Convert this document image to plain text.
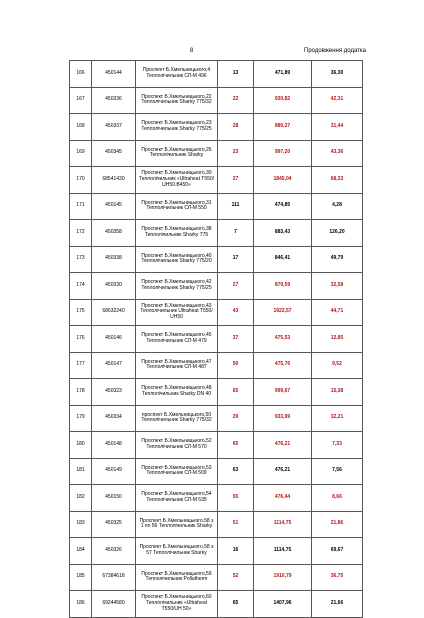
8	Продовження додатка
166	450144	Проспект Б.Хмельницького,4 Теплолічильник СЛ-М 496	13	471,89	36,30
167	450336	Проспект Б.Хмельницького,22 Теплолічильник Sharky 775/32	22	930,82	42,31
168	450337	Проспект Б.Хмельницького,23 Теплолічильник Sharky 775/25	28	880,27	31,44
169	450345	Проспект Б.Хмельницького,26 Теплолічильник Sharky	23	997,20	43,36
170	68541430	Проспект Б.Хмельницького,30 Теплолічильник «Ultraheat T550/ UH50.B450»	27	1845,04	68,33
171	450145	Проспект Б.Хмельницького,31 Теплолічильник СЛ-М 550	111	474,85	4,28
172	450358	Проспект Б.Хмельницького,38 Теплолічильник Sharky 775	7	883,43	126,20
173	450338	Проспект Б.Хмельницького,40 Теплолічильник Sharky 775/20	17	846,41	49,79
174	450330	Проспект Б.Хмельницького,42 Теплолічильник Sharky 775/25	27	879,59	32,58
175	68632240	Проспект Б.Хмельницького,43 Теплолічильник Ultraheat T550/ UH50	43	1922,57	44,71
176	450146	Проспект Б.Хмельницького,45 Теплолічильник СЛ-М 479	37	475,53	12,85
177	450147	Проспект Б.Хмельницького,47 Теплолічильник СЛ-М 487	50	475,76	9,52
178	450323	Проспект Б.Хмельницького,48 Теплолічильник Sharky DN 40	65	999,67	15,38
179	450334	проспект Б.Хмельницького,50 Теплолічильник Sharky 775/32	29	933,99	32,21
180	450148	Проспект Б.Хмельницького,52 Теплолічильник СЛ-М 570	65	476,21	7,33
181	450149	Проспект Б.Хмельницького,53 Теплолічильник СЛ-М 509	63	476,21	7,56
182	450150	Проспект Б.Хмельницького,54 Теплолічильник СЛ-М 535	55	476,44	8,66
183	450325	Проспект Б.Хмельницького,58 з 1 по 56 Теплолічильник Sharky	51	1114,75	21,86
184	450326	Проспект Б.Хмельницького,58 з 57 Теплолічильник Sharky	16	1114,75	69,67
185	67384618	Проспект Б.Хмельницького,59 Теплолічильник Pollutherm	52	1910,79	36,75
186	69244580	Проспект Б.Хмельницького,60 Теплолічильник «Ultraheat T550/UH 50»	65	1407,96	21,66
